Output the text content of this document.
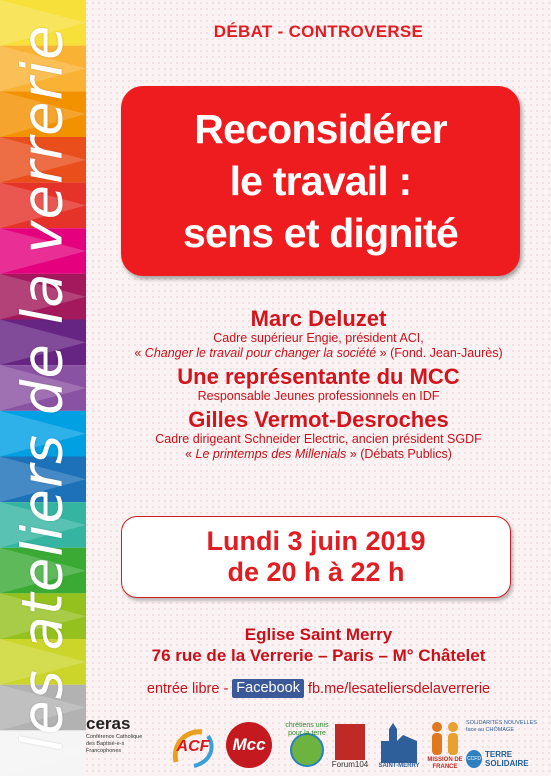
les ateliers de la verrerie	DÉBAT - CONTROVERSE
Reconsidérer
le travail :
sens et dignité
Marc Deluzet
Cadre supérieur Engie, président ACI,
« Changer le travail pour changer la société » (Fond. Jean-Jaurès)
Une représentante du MCC
Responsable Jeunes professionnels en IDF
Gilles Vermot-Desroches
Cadre dirigeant Schneider Electric, ancien président SGDF
« Le printemps des Millenials » (Débats Publics)
Lundi 3 juin 2019
de 20 h à 22 h
Eglise Saint Merry
76 rue de la Verrerie – Paris – M° Châtelet
entrée libre - Facebook fb.me/lesateliersdelaverrerie
ceras
Conférence Catholique des Baptisé-e-s Francophones	ACF Mcc
chrétiens unis pour la terre
Forum104 SAINT-MERRY
MISSION DE FRANCE
SOLIDARITÉS NOUVELLES face au CHÔMAGE
CCFD TERRE SOLIDAIRE
